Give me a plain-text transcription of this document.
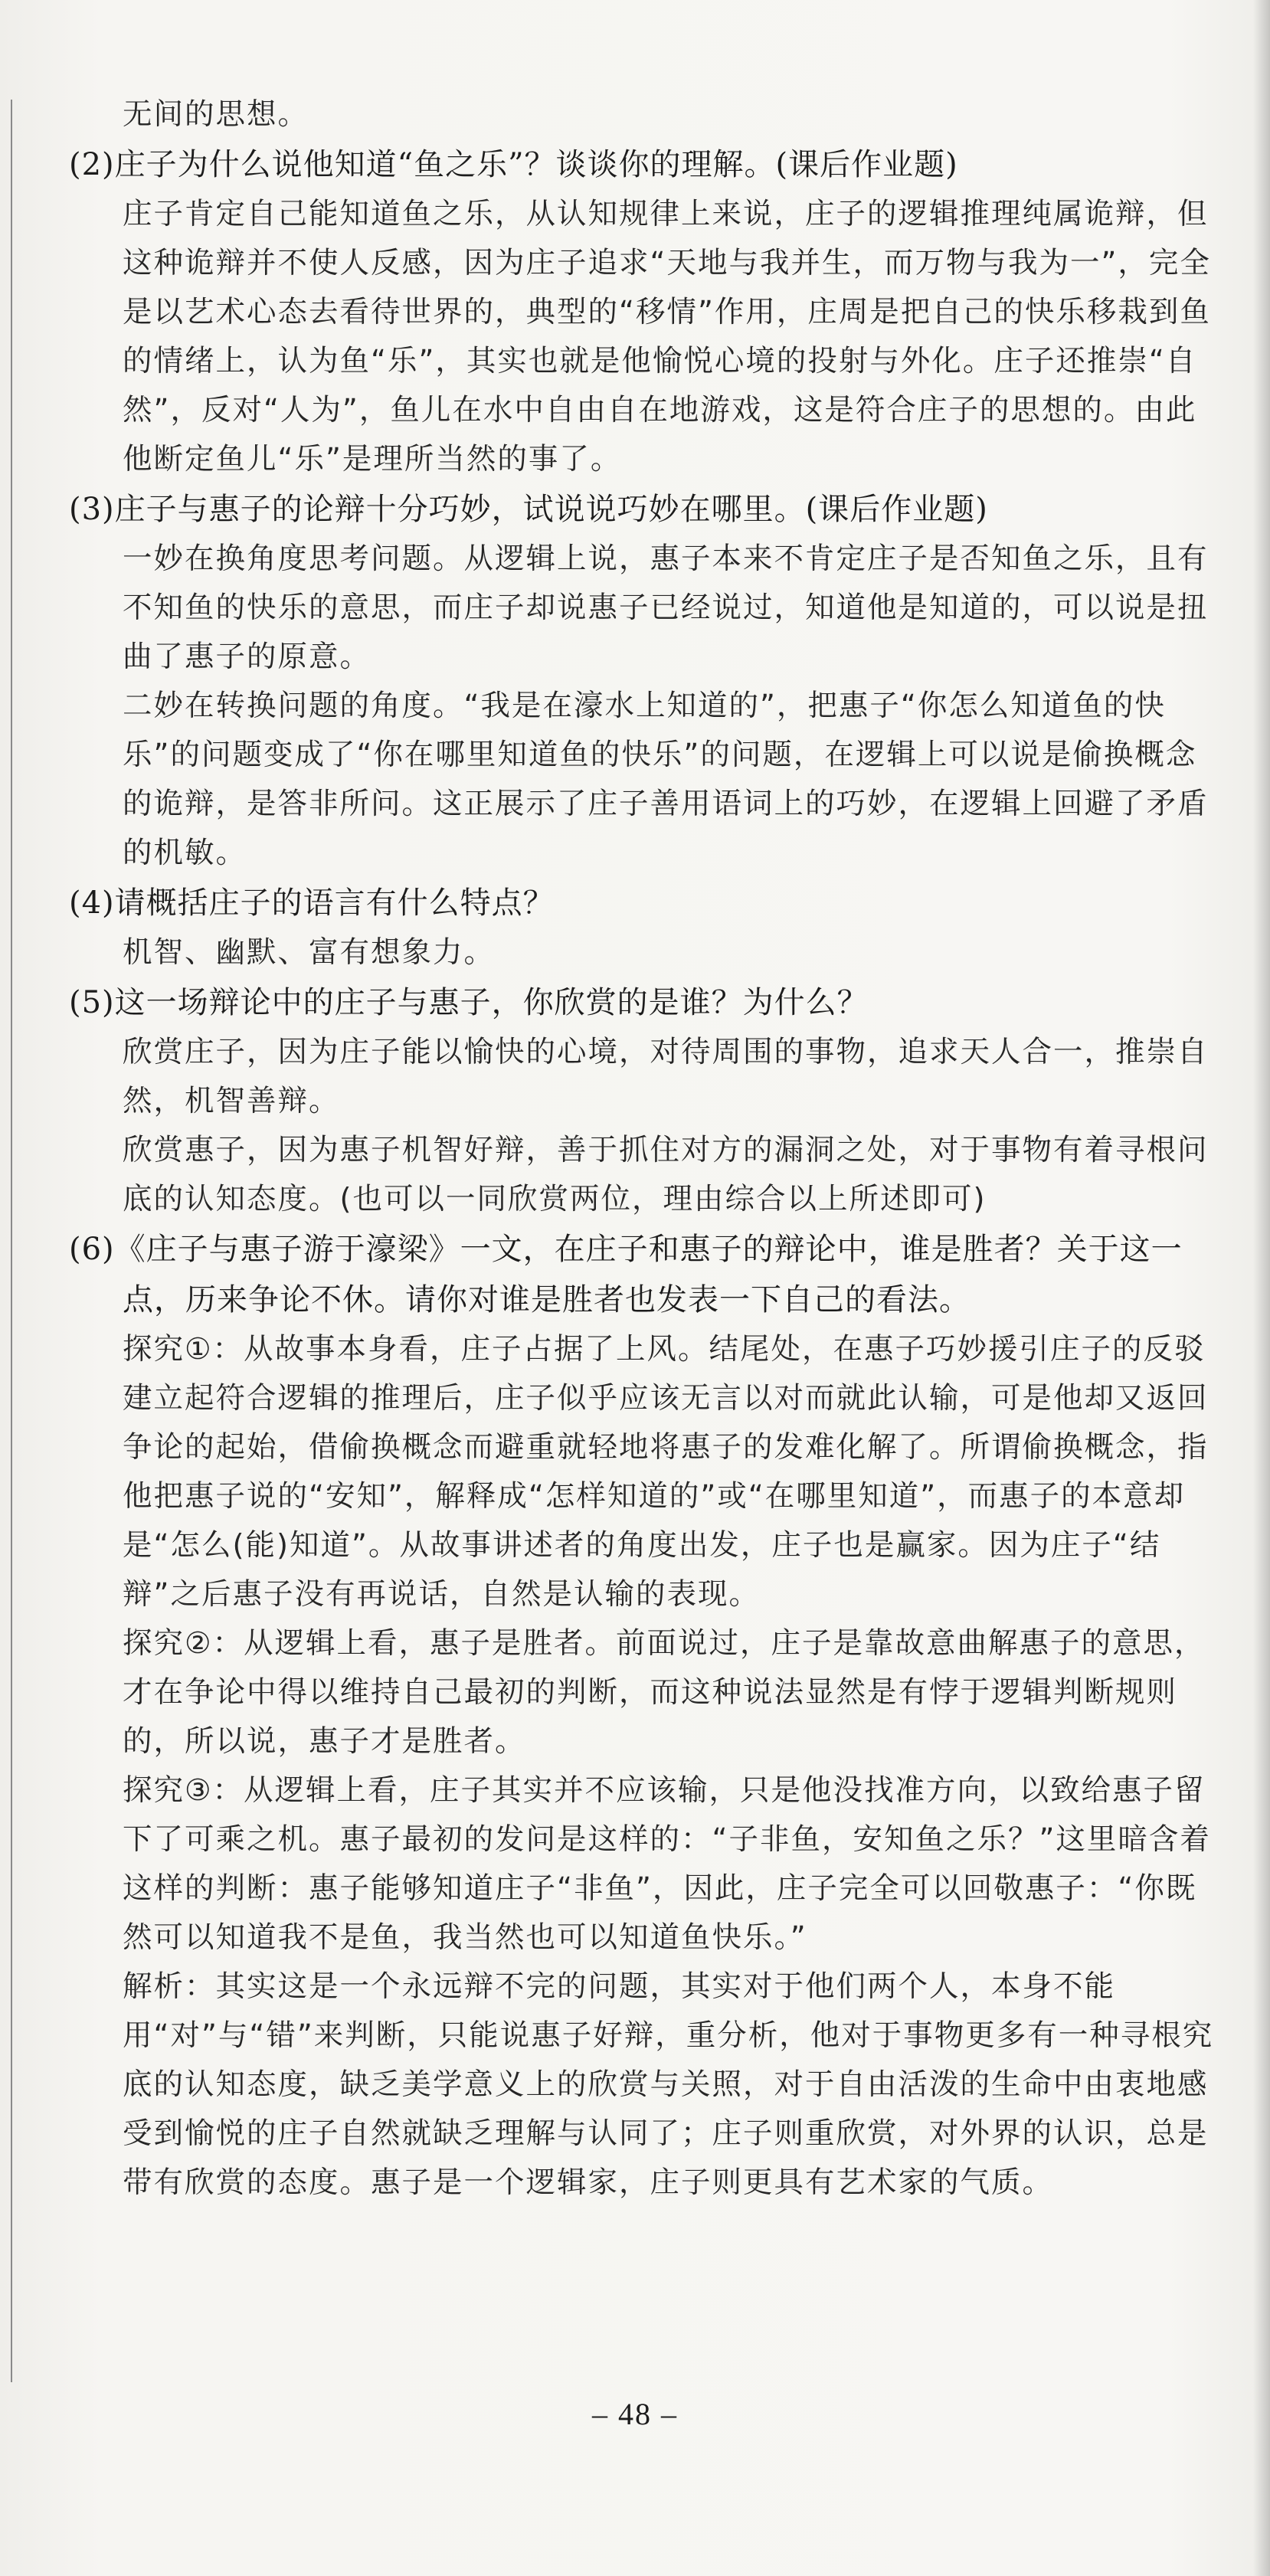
无间的思想。

(2)庄子为什么说他知道“鱼之乐”？谈谈你的理解。(课后作业题)

庄子肯定自己能知道鱼之乐，从认知规律上来说，庄子的逻辑推理纯属诡辩，但这种诡辩并不使人反感，因为庄子追求“天地与我并生，而万物与我为一”，完全是以艺术心态去看待世界的，典型的“移情”作用，庄周是把自己的快乐移栽到鱼的情绪上，认为鱼“乐”，其实也就是他愉悦心境的投射与外化。庄子还推崇“自然”，反对“人为”，鱼儿在水中自由自在地游戏，这是符合庄子的思想的。由此他断定鱼儿“乐”是理所当然的事了。

(3)庄子与惠子的论辩十分巧妙，试说说巧妙在哪里。(课后作业题)

一妙在换角度思考问题。从逻辑上说，惠子本来不肯定庄子是否知鱼之乐，且有不知鱼的快乐的意思，而庄子却说惠子已经说过，知道他是知道的，可以说是扭曲了惠子的原意。

二妙在转换问题的角度。“我是在濠水上知道的”，把惠子“你怎么知道鱼的快乐”的问题变成了“你在哪里知道鱼的快乐”的问题，在逻辑上可以说是偷换概念的诡辩，是答非所问。这正展示了庄子善用语词上的巧妙，在逻辑上回避了矛盾的机敏。

(4)请概括庄子的语言有什么特点？

机智、幽默、富有想象力。

(5)这一场辩论中的庄子与惠子，你欣赏的是谁？为什么？

欣赏庄子，因为庄子能以愉快的心境，对待周围的事物，追求天人合一，推崇自然，机智善辩。

欣赏惠子，因为惠子机智好辩，善于抓住对方的漏洞之处，对于事物有着寻根问底的认知态度。(也可以一同欣赏两位，理由综合以上所述即可)

(6)《庄子与惠子游于濠梁》一文，在庄子和惠子的辩论中，谁是胜者？关于这一点，历来争论不休。请你对谁是胜者也发表一下自己的看法。

探究①：从故事本身看，庄子占据了上风。结尾处，在惠子巧妙援引庄子的反驳建立起符合逻辑的推理后，庄子似乎应该无言以对而就此认输，可是他却又返回争论的起始，借偷换概念而避重就轻地将惠子的发难化解了。所谓偷换概念，指他把惠子说的“安知”，解释成“怎样知道的”或“在哪里知道”，而惠子的本意却是“怎么(能)知道”。从故事讲述者的角度出发，庄子也是赢家。因为庄子“结辩”之后惠子没有再说话，自然是认输的表现。

探究②：从逻辑上看，惠子是胜者。前面说过，庄子是靠故意曲解惠子的意思，才在争论中得以维持自己最初的判断，而这种说法显然是有悖于逻辑判断规则的，所以说，惠子才是胜者。

探究③：从逻辑上看，庄子其实并不应该输，只是他没找准方向，以致给惠子留下了可乘之机。惠子最初的发问是这样的：“子非鱼，安知鱼之乐？”这里暗含着这样的判断：惠子能够知道庄子“非鱼”，因此，庄子完全可以回敬惠子：“你既然可以知道我不是鱼，我当然也可以知道鱼快乐。”

解析：其实这是一个永远辩不完的问题，其实对于他们两个人，本身不能用“对”与“错”来判断，只能说惠子好辩，重分析，他对于事物更多有一种寻根究底的认知态度，缺乏美学意义上的欣赏与关照，对于自由活泼的生命中由衷地感受到愉悦的庄子自然就缺乏理解与认同了；庄子则重欣赏，对外界的认识，总是带有欣赏的态度。惠子是一个逻辑家，庄子则更具有艺术家的气质。

– 48 –
